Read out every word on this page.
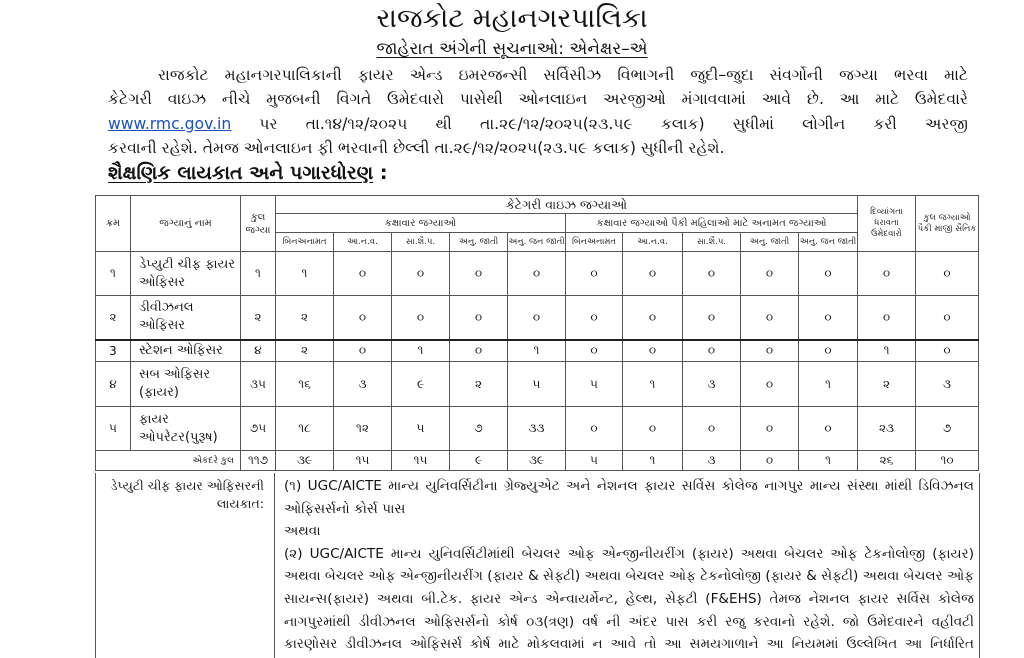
રાજકોટ મહાનગરપાલિકા
જાહેરાત અંગેની સૂચનાઓ: એનેક્ષર–એ
રાજકોટ મહાનગરપાલિકાની ફાયર એન્ડ ઇમરજન્સી સર્વિસીઝ વિભાગની જુદી–જુદા સંવર્ગોની જગ્યા ભરવા માટે
કેટેગરી વાઇઝ નીચે મુજબની વિગતે ઉમેદવારો પાસેથી ઓનલાઇન અરજીઓ મંગાવવામાં આવે છે. આ માટે ઉમેદવારે
www.rmc.gov.in પર તા.૧૪/૧૨/૨૦૨૫ થી તા.૨૯/૧૨/૨૦૨૫(૨૩.૫૯ કલાક) સુધીમાં લોગીન કરી અરજી
કરવાની રહેશે. તેમજ ઓનલાઇન ફી ભરવાની છેલ્લી તા.૨૯/૧૨/૨૦૨૫(૨૩.૫૯ કલાક) સુધીની રહેશે.
શૈક્ષણિક લાયકાત અને પગારધોરણ :
ક્રમ	જગ્યાનું નામ	કુલ જગ્યા	કેટેગરી વાઇઝ જગ્યાઓ										દિવ્યાંગતા ધરાવતા ઉમેદવારો	કુલ જગ્યાઓ પૈકી માજી સૈનિક
			કક્ષાવાર જગ્યાઓ					કક્ષાવાર જગ્યાઓ પૈકી મહિલાઓ માટે અનામત જગ્યાઓ						
			બિનઅનામત	આ.ન.વ.	સા.શૈ.પ.	અનુ. જાતી	અનુ. જન જાતી	બિનઅનામત	આ.ન.વ.	સા.શૈ.પ.	અનુ. જાતી	અનુ. જન જાતી		
૧	ડેપ્યુટી ચીફ ફાયર ઓફિસર	૧	૧	૦	૦	૦	૦	૦	૦	૦	૦	૦	૦	૦
૨	ડીવીઝનલ ઓફિસર	૨	૨	૦	૦	૦	૦	૦	૦	૦	૦	૦	૦	૦
3	સ્ટેશન ઓફિસર	૪	૨	૦	૧	૦	૧	૦	૦	૦	૦	૦	૧	૦
૪	સબ ઓફિસર (ફાયર)	૩૫	૧૬	૩	૯	૨	૫	૫	૧	૩	૦	૧	૨	૩
૫	ફાયર ઓપરેટર(પુરૂષ)	૭૫	૧૮	૧૨	૫	૭	૩૩	૦	૦	૦	૦	૦	૨૩	૭
એકંદરે કુલ		૧૧૭	૩૯	૧૫	૧૫	૯	૩૯	૫	૧	૩	૦	૧	૨૬	૧૦
ડેપ્યુટી ચીફ ફાયર ઓફિસરની
લાયકાત:
(૧) UGC/AICTE માન્ય યુનિવર્સિટીના ગ્રેજ્યુએટ અને નેશનલ ફાયર સર્વિસ કોલેજ નાગપુર માન્ય સંસ્થા માંથી ડિવિઝનલ
ઓફિસર્સનો કોર્સ પાસ
અથવા
(૨) UGC/AICTE માન્ય યુનિવર્સિટીમાંથી બેચલર ઓફ એન્જીનીયરીંગ (ફાયર) અથવા બેચલર ઓફ ટેકનોલોજી (ફાયર)
અથવા બેચલર ઓફ એન્જીનીયરીંગ (ફાયર & સેફ્ટી) અથવા બેચલર ઓફ ટેકનોલોજી (ફાયર & સેફ્ટી) અથવા બેચલર ઓફ
સાયન્સ(ફાયર) અથવા બી.ટેક. ફાયર એન્ડ એન્વાયર્મેન્ટ, હેલ્થ, સેફટી (F&EHS) તેમજ નેશનલ ફાયર સર્વિસ કોલેજ
નાગપુરમાંથી ડીવીઝનલ ઓફિસર્સનો કોર્ષ ૦૩(ત્રણ) વર્ષ ની અંદર પાસ કરી રજુ કરવાનો રહેશે. જો ઉમેદવારને વહીવટી
કારણોસર ડીવીઝનલ ઓફિસર્સ કોર્ષ માટે મોકલવામાં ન આવે તો આ સમયગાળાને આ નિયમમાં ઉલ્લેખિત આ નિર્ધારિત
